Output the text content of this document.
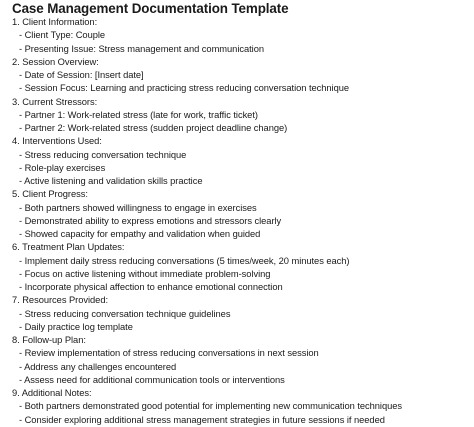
Case Management Documentation Template
1. Client Information:
- Client Type: Couple
- Presenting Issue: Stress management and communication
2. Session Overview:
- Date of Session: [Insert date]
- Session Focus: Learning and practicing stress reducing conversation technique
3. Current Stressors:
- Partner 1: Work-related stress (late for work, traffic ticket)
- Partner 2: Work-related stress (sudden project deadline change)
4. Interventions Used:
- Stress reducing conversation technique
- Role-play exercises
- Active listening and validation skills practice
5. Client Progress:
- Both partners showed willingness to engage in exercises
- Demonstrated ability to express emotions and stressors clearly
- Showed capacity for empathy and validation when guided
6. Treatment Plan Updates:
- Implement daily stress reducing conversations (5 times/week, 20 minutes each)
- Focus on active listening without immediate problem-solving
- Incorporate physical affection to enhance emotional connection
7. Resources Provided:
- Stress reducing conversation technique guidelines
- Daily practice log template
8. Follow-up Plan:
- Review implementation of stress reducing conversations in next session
- Address any challenges encountered
- Assess need for additional communication tools or interventions
9. Additional Notes:
- Both partners demonstrated good potential for implementing new communication techniques
- Consider exploring additional stress management strategies in future sessions if needed
